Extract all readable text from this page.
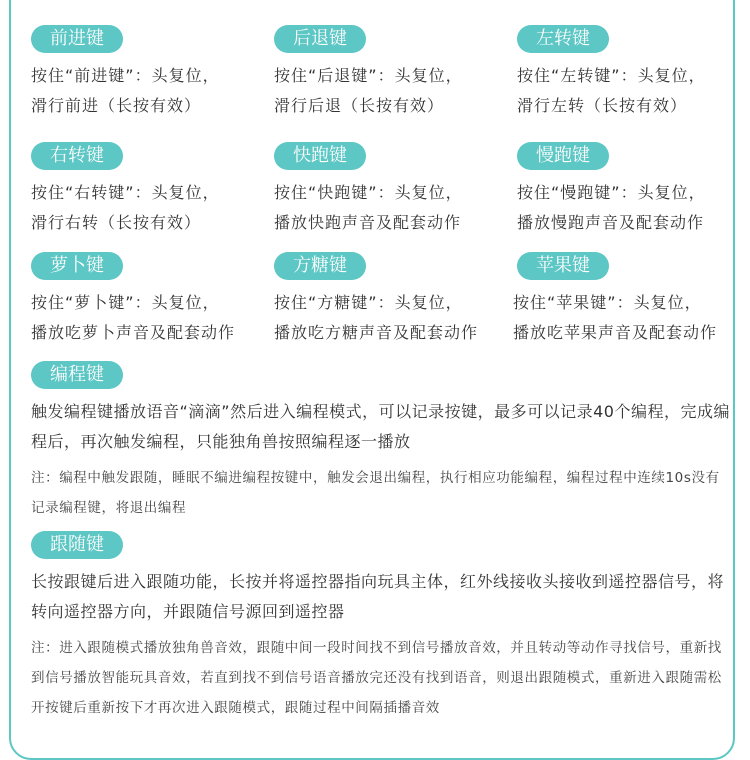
前进键
按住“前进键”：头复位，
滑行前进（长按有效）
后退键
按住“后退键”：头复位，
滑行后退（长按有效）
左转键
按住“左转键”：头复位，
滑行左转（长按有效）
右转键
按住“右转键”：头复位，
滑行右转（长按有效）
快跑键
按住“快跑键”：头复位，
播放快跑声音及配套动作
慢跑键
按住“慢跑键”：头复位，
播放慢跑声音及配套动作
萝卜键
按住“萝卜键”：头复位，
播放吃萝卜声音及配套动作
方糖键
按住“方糖键”：头复位，
播放吃方糖声音及配套动作
苹果键
按住“苹果键”：头复位，
播放吃苹果声音及配套动作
编程键
触发编程键播放语音“滴滴”然后进入编程模式，可以记录按键，最多可以记录40个编程，完成编程后，再次触发编程，只能独角兽按照编程逐一播放
注：编程中触发跟随，睡眠不编进编程按键中，触发会退出编程，执行相应功能编程，编程过程中连续10s没有记录编程键，将退出编程
跟随键
长按跟键后进入跟随功能，长按并将遥控器指向玩具主体，红外线接收头接收到遥控器信号，将转向遥控器方向，并跟随信号源回到遥控器
注：进入跟随模式播放独角兽音效，跟随中间一段时间找不到信号播放音效，并且转动等动作寻找信号，重新找到信号播放智能玩具音效，若直到找不到信号语音播放完还没有找到语音，则退出跟随模式，重新进入跟随需松开按键后重新按下才再次进入跟随模式，跟随过程中间隔插播音效
